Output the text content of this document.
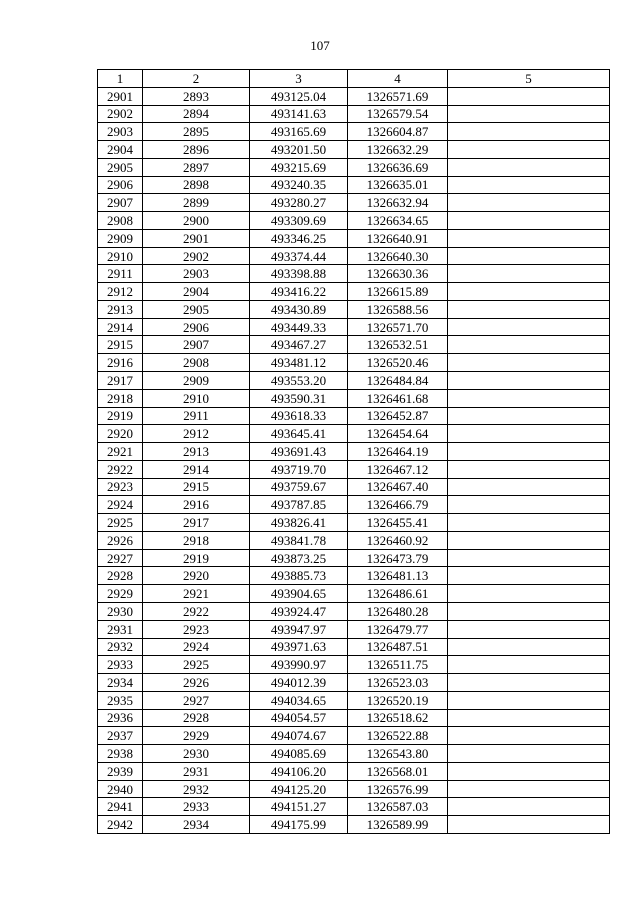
107
1	2	3	4	5
2901	2893	493125.04	1326571.69	
2902	2894	493141.63	1326579.54	
2903	2895	493165.69	1326604.87	
2904	2896	493201.50	1326632.29	
2905	2897	493215.69	1326636.69	
2906	2898	493240.35	1326635.01	
2907	2899	493280.27	1326632.94	
2908	2900	493309.69	1326634.65	
2909	2901	493346.25	1326640.91	
2910	2902	493374.44	1326640.30	
2911	2903	493398.88	1326630.36	
2912	2904	493416.22	1326615.89	
2913	2905	493430.89	1326588.56	
2914	2906	493449.33	1326571.70	
2915	2907	493467.27	1326532.51	
2916	2908	493481.12	1326520.46	
2917	2909	493553.20	1326484.84	
2918	2910	493590.31	1326461.68	
2919	2911	493618.33	1326452.87	
2920	2912	493645.41	1326454.64	
2921	2913	493691.43	1326464.19	
2922	2914	493719.70	1326467.12	
2923	2915	493759.67	1326467.40	
2924	2916	493787.85	1326466.79	
2925	2917	493826.41	1326455.41	
2926	2918	493841.78	1326460.92	
2927	2919	493873.25	1326473.79	
2928	2920	493885.73	1326481.13	
2929	2921	493904.65	1326486.61	
2930	2922	493924.47	1326480.28	
2931	2923	493947.97	1326479.77	
2932	2924	493971.63	1326487.51	
2933	2925	493990.97	1326511.75	
2934	2926	494012.39	1326523.03	
2935	2927	494034.65	1326520.19	
2936	2928	494054.57	1326518.62	
2937	2929	494074.67	1326522.88	
2938	2930	494085.69	1326543.80	
2939	2931	494106.20	1326568.01	
2940	2932	494125.20	1326576.99	
2941	2933	494151.27	1326587.03	
2942	2934	494175.99	1326589.99	
